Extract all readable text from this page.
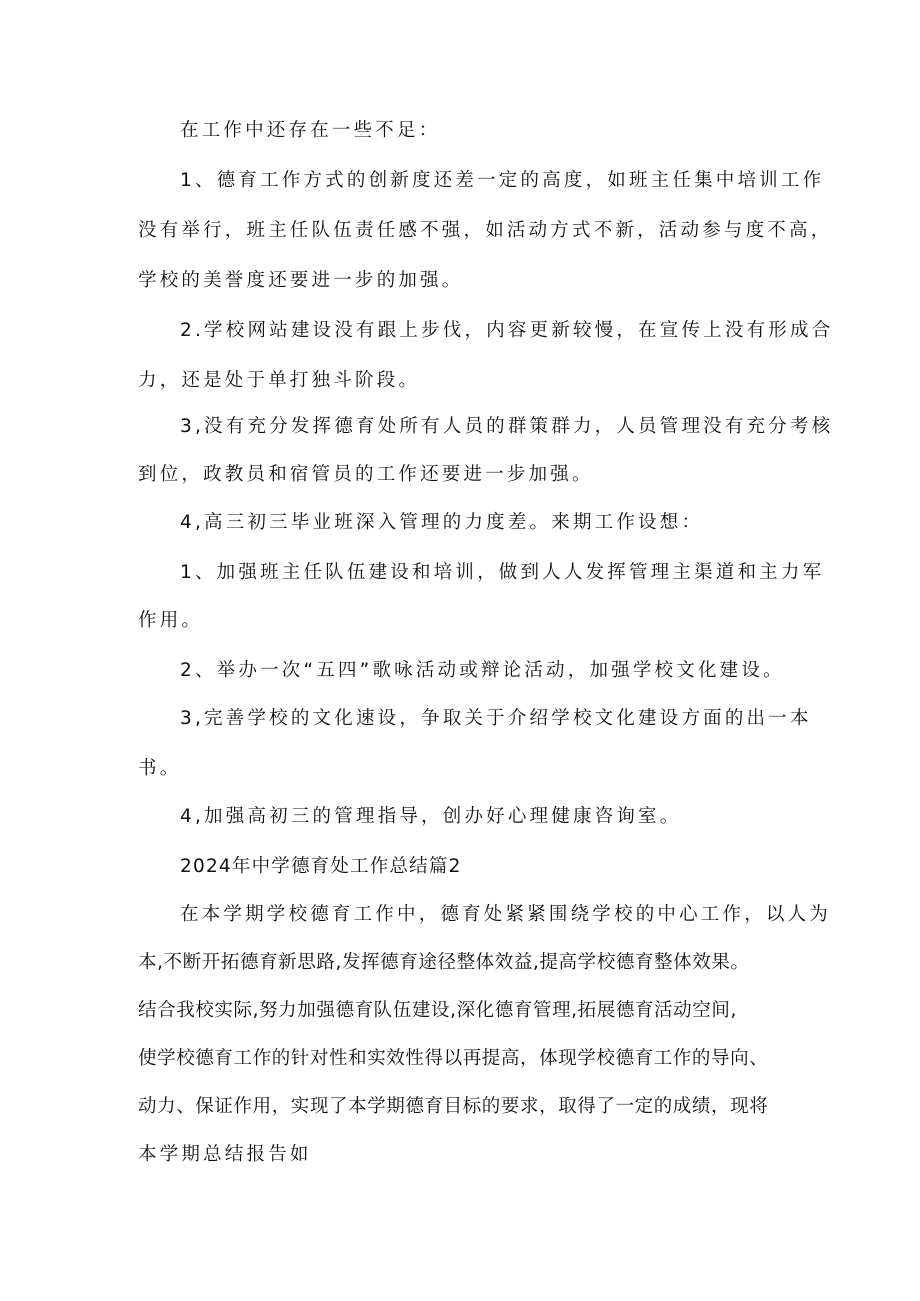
在工作中还存在一些不足：

1、德育工作方式的创新度还差一定的高度，如班主任集中培训工作

没有举行，班主任队伍责任感不强，如活动方式不新，活动参与度不高，

学校的美誉度还要进一步的加强。

2.学校网站建设没有跟上步伐，内容更新较慢，在宣传上没有形成合

力，还是处于单打独斗阶段。

3,没有充分发挥德育处所有人员的群策群力，人员管理没有充分考核

到位，政教员和宿管员的工作还要进一步加强。

4,高三初三毕业班深入管理的力度差。来期工作设想：

1、加强班主任队伍建设和培训，做到人人发挥管理主渠道和主力军

作用。

2、举办一次“五四”歌咏活动或辩论活动，加强学校文化建设。

3,完善学校的文化速设，争取关于介绍学校文化建设方面的出一本

书。

4,加强高初三的管理指导，创办好心理健康咨询室。

2024年中学德育处工作总结篇2

在本学期学校德育工作中，德育处紧紧围绕学校的中心工作，以人为

本,不断开拓德育新思路,发挥德育途径整体效益,提高学校德育整体效果。

结合我校实际,努力加强德育队伍建设,深化德育管理,拓展德育活动空间,

使学校德育工作的针对性和实效性得以再提高，体现学校德育工作的导向、

动力、保证作用，实现了本学期德育目标的要求，取得了一定的成绩，现将

本学期总结报告如
